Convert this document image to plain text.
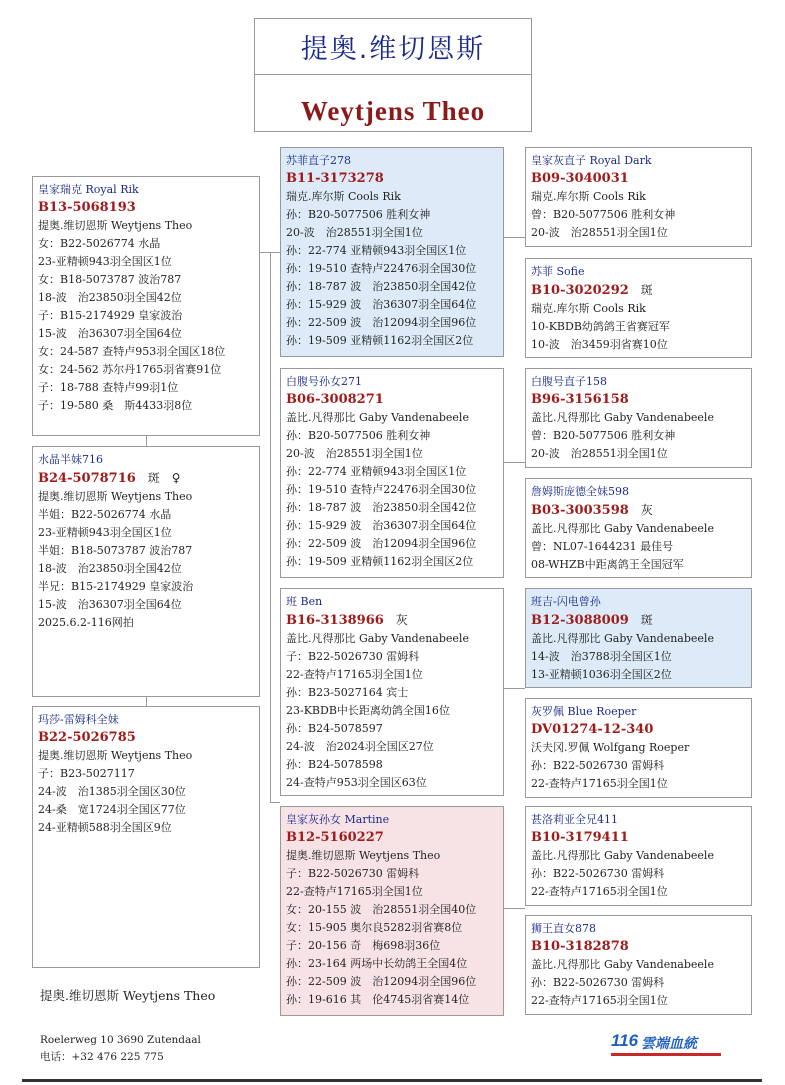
提奥.维切恩斯
Weytjens Theo
皇家瑞克 Royal Rik
B13-5068193
提奥.维切恩斯 Weytjens Theo
女：B22-5026774 水晶
23-亚精顿943羽全国区1位
女：B18-5073787 波治787
18-波　治23850羽全国42位
子：B15-2174929 皇家波治
15-波　治36307羽全国64位
女：24-587 查特卢953羽全国区18位
女：24-562 苏尔丹1765羽省赛91位
子：18-788 查特卢99羽1位
子：19-580 桑　斯4433羽8位
水晶半妹716
B24-5078716 斑　♀
提奥.维切恩斯 Weytjens Theo
半姐：B22-5026774 水晶
23-亚精顿943羽全国区1位
半姐：B18-5073787 波治787
18-波　治23850羽全国42位
半兄：B15-2174929 皇家波治
15-波　治36307羽全国64位
2025.6.2-116网拍
玛莎-雷姆科全妹
B22-5026785
提奥.维切恩斯 Weytjens Theo
子：B23-5027117
24-波　治1385羽全国区30位
24-桑　宽1724羽全国区77位
24-亚精顿588羽全国区9位
苏菲直子278
B11-3173278
瑞克.库尔斯 Cools Rik
孙：B20-5077506 胜利女神
20-波　治28551羽全国1位
孙：22-774 亚精顿943羽全国区1位
孙：19-510 查特卢22476羽全国30位
孙：18-787 波　治23850羽全国42位
孙：15-929 波　治36307羽全国64位
孙：22-509 波　治12094羽全国96位
孙：19-509 亚精顿1162羽全国区2位
白腹号孙女271
B06-3008271
盖比.凡得那比 Gaby Vandenabeele
孙：B20-5077506 胜利女神
20-波　治28551羽全国1位
孙：22-774 亚精顿943羽全国区1位
孙：19-510 查特卢22476羽全国30位
孙：18-787 波　治23850羽全国42位
孙：15-929 波　治36307羽全国64位
孙：22-509 波　治12094羽全国96位
孙：19-509 亚精顿1162羽全国区2位
班 Ben
B16-3138966 灰
盖比.凡得那比 Gaby Vandenabeele
子：B22-5026730 雷姆科
22-查特卢17165羽全国1位
孙：B23-5027164 宾士
23-KBDB中长距离幼鸽全国16位
孙：B24-5078597
24-波　治2024羽全国区27位
孙：B24-5078598
24-查特卢953羽全国区63位
皇家灰孙女 Martine
B12-5160227
提奥.维切恩斯 Weytjens Theo
子：B22-5026730 雷姆科
22-查特卢17165羽全国1位
女：20-155 波　治28551羽全国40位
女：15-905 奥尔良5282羽省赛8位
子：20-156 奇　梅698羽36位
孙：23-164 两场中长幼鸽王全国4位
孙：22-509 波　治12094羽全国96位
孙：19-616 其　伦4745羽省赛14位
皇家灰直子 Royal Dark
B09-3040031
瑞克.库尔斯 Cools Rik
曾：B20-5077506 胜利女神
20-波　治28551羽全国1位
苏菲 Sofie
B10-3020292 斑
瑞克.库尔斯 Cools Rik
10-KBDB幼鸽鸽王省赛冠军
10-波　治3459羽省赛10位
白腹号直子158
B96-3156158
盖比.凡得那比 Gaby Vandenabeele
曾：B20-5077506 胜利女神
20-波　治28551羽全国1位
詹姆斯庞德全妹598
B03-3003598 灰
盖比.凡得那比 Gaby Vandenabeele
曾：NL07-1644231 最佳号
08-WHZB中距离鸽王全国冠军
班吉-闪电曾孙
B12-3088009 斑
盖比.凡得那比 Gaby Vandenabeele
14-波　治3788羽全国区1位
13-亚精顿1036羽全国区2位
灰罗佩 Blue Roeper
DV01274-12-340
沃夫冈.罗佩 Wolfgang Roeper
孙：B22-5026730 雷姆科
22-查特卢17165羽全国1位
甚洛莉亚全兄411
B10-3179411
盖比.凡得那比 Gaby Vandenabeele
孙：B22-5026730 雷姆科
22-查特卢17165羽全国1位
狮王直女878
B10-3182878
盖比.凡得那比 Gaby Vandenabeele
孙：B22-5026730 雷姆科
22-查特卢17165羽全国1位
提奥.维切恩斯 Weytjens Theo
Roelerweg 10 3690 Zutendaal
电话：+32 476 225 775
116 雲端血統
